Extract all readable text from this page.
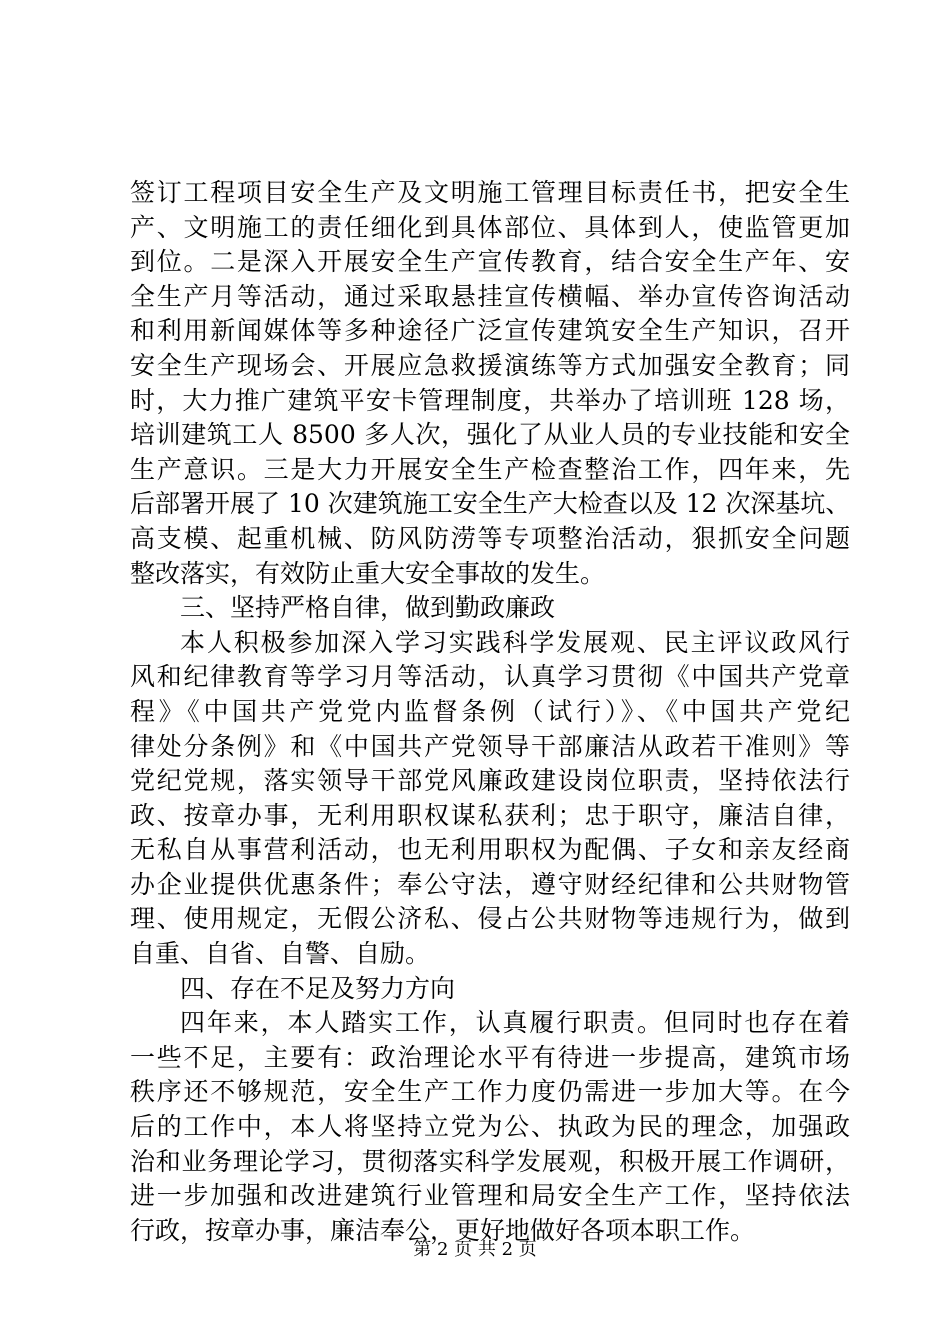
签订工程项目安全生产及文明施工管理目标责任书，把安全生
产、文明施工的责任细化到具体部位、具体到人，使监管更加
到位。二是深入开展安全生产宣传教育，结合安全生产年、安
全生产月等活动，通过采取悬挂宣传横幅、举办宣传咨询活动
和利用新闻媒体等多种途径广泛宣传建筑安全生产知识，召开
安全生产现场会、开展应急救援演练等方式加强安全教育；同
时，大力推广建筑平安卡管理制度，共举办了培训班 128 场，
培训建筑工人 8500 多人次，强化了从业人员的专业技能和安全
生产意识。三是大力开展安全生产检查整治工作，四年来，先
后部署开展了 10 次建筑施工安全生产大检查以及 12 次深基坑、
高支模、起重机械、防风防涝等专项整治活动，狠抓安全问题
整改落实，有效防止重大安全事故的发生。
三、坚持严格自律，做到勤政廉政
本人积极参加深入学习实践科学发展观、民主评议政风行
风和纪律教育等学习月等活动，认真学习贯彻《中国共产党章
程》《中国共产党党内监督条例（试行）》、《中国共产党纪
律处分条例》和《中国共产党领导干部廉洁从政若干准则》等
党纪党规，落实领导干部党风廉政建设岗位职责，坚持依法行
政、按章办事，无利用职权谋私获利；忠于职守，廉洁自律，
无私自从事营利活动，也无利用职权为配偶、子女和亲友经商
办企业提供优惠条件；奉公守法，遵守财经纪律和公共财物管
理、使用规定，无假公济私、侵占公共财物等违规行为，做到
自重、自省、自警、自励。
四、存在不足及努力方向
四年来，本人踏实工作，认真履行职责。但同时也存在着
一些不足，主要有：政治理论水平有待进一步提高，建筑市场
秩序还不够规范，安全生产工作力度仍需进一步加大等。在今
后的工作中，本人将坚持立党为公、执政为民的理念，加强政
治和业务理论学习，贯彻落实科学发展观，积极开展工作调研，
进一步加强和改进建筑行业管理和局安全生产工作，坚持依法
行政，按章办事，廉洁奉公，更好地做好各项本职工作。
第 2 页 共 2 页
